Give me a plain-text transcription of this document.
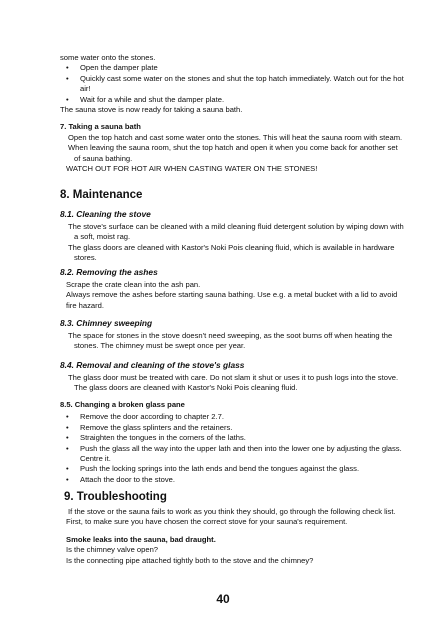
some water onto the stones.

• Open the damper plate
• Quickly cast some water on the stones and shut the top hatch immediately. Watch out for the hot air!
• Wait for a while and shut the damper plate.

The sauna stove is now ready for taking a sauna bath.

7. Taking a sauna bath

Open the top hatch and cast some water onto the stones. This will heat the sauna room with steam.

When leaving the sauna room, shut the top hatch and open it when you come back for another set of sauna bathing.

WATCH OUT FOR HOT AIR WHEN CASTING WATER ON THE STONES!

8. Maintenance

8.1. Cleaning the stove

The stove's surface can be cleaned with a mild cleaning fluid detergent solution by wiping down with a soft, moist rag.

The glass doors are cleaned with Kastor's Noki Pois cleaning fluid, which is available in hardware stores.

8.2. Removing the ashes

Scrape the crate clean into the ash pan.

Always remove the ashes before starting sauna bathing. Use e.g. a metal bucket with a lid to avoid fire hazard.

8.3. Chimney sweeping

The space for stones in the stove doesn't need sweeping, as the soot burns off when heating the stones. The chimney must be swept once per year.

8.4. Removal and cleaning of the stove's glass

The glass door must be treated with care. Do not slam it shut or uses it to push logs into the stove. The glass doors are cleaned with Kastor's Noki Pois cleaning fluid.

8.5. Changing a broken glass pane

• Remove the door according to chapter 2.7.
• Remove the glass splinters and the retainers.
• Straighten the tongues in the corners of the laths.
• Push the glass all the way into the upper lath and then into the lower one by adjusting the glass. Centre it.
• Push the locking springs into the lath ends and bend the tongues against the glass.
• Attach the door to the stove.

9. Troubleshooting

If the stove or the sauna fails to work as you think they should, go through the following check list.

First, to make sure you have chosen the correct stove for your sauna's requirement.

Smoke leaks into the sauna, bad draught.

Is the chimney valve open?

Is the connecting pipe attached tightly both to the stove and the chimney?

40
